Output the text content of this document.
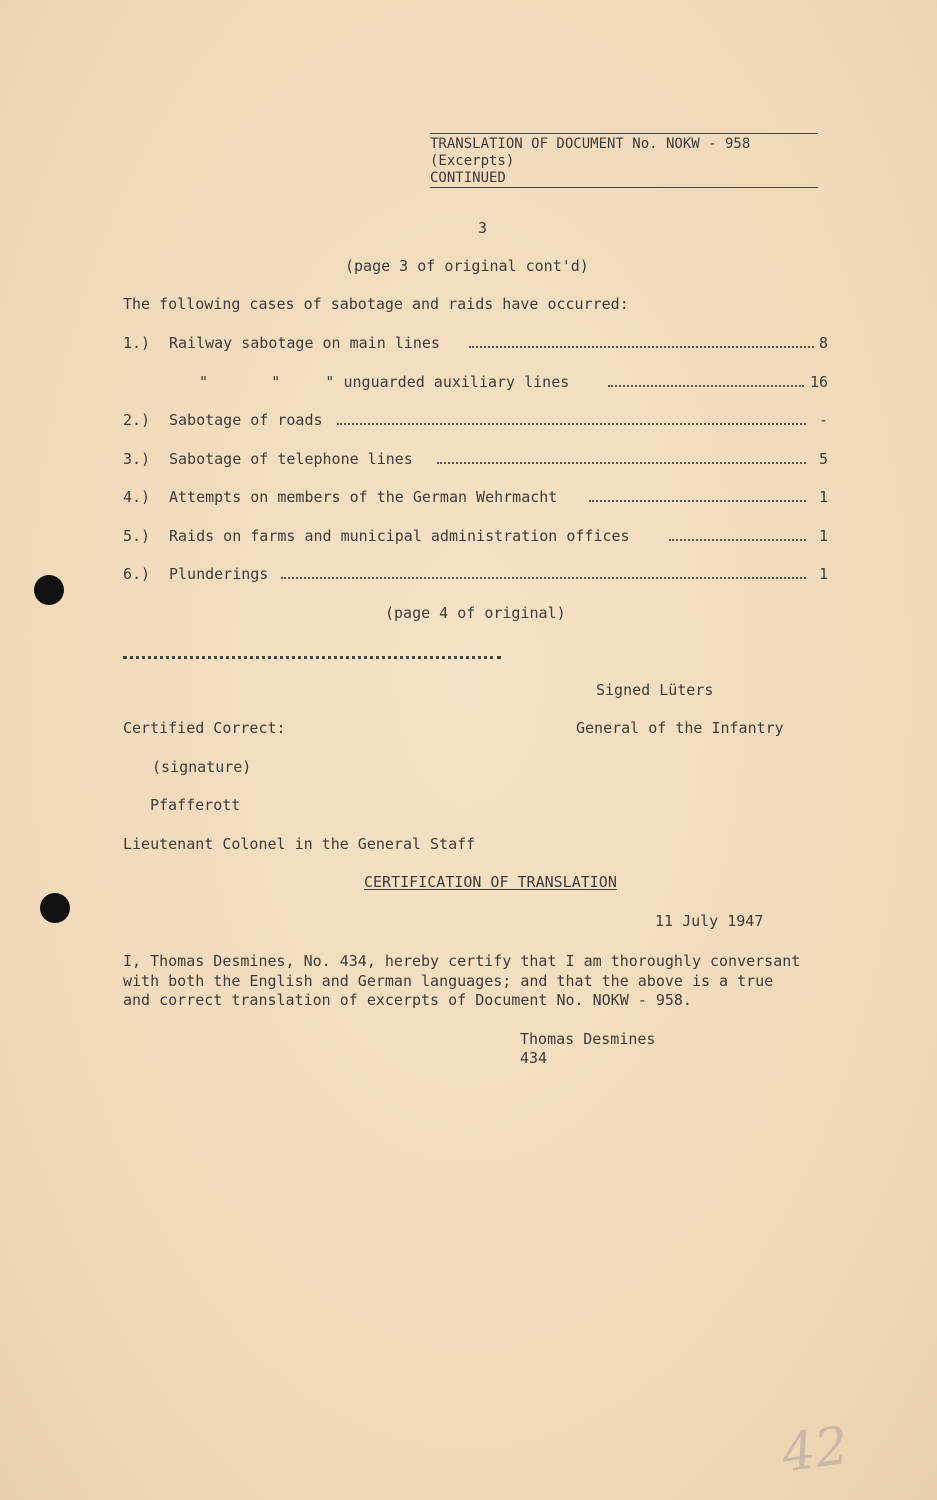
TRANSLATION OF DOCUMENT No. NOKW - 958
(Excerpts)
CONTINUED
3
(page 3 of original cont'd)
The following cases of sabotage and raids have occurred:
1.) Railway sabotage on main lines	8
"       "     " unguarded auxiliary lines	16
2.) Sabotage of roads	-
3.) Sabotage of telephone lines	5
4.) Attempts on members of the German Wehrmacht	1
5.) Raids on farms and municipal administration offices	1
6.) Plunderings	1
(page 4 of original)
Signed Lüters
Certified Correct:	General of the Infantry
(signature)
Pfafferott
Lieutenant Colonel in the General Staff
CERTIFICATION OF TRANSLATION
11 July 1947
I, Thomas Desmines, No. 434, hereby certify that I am thoroughly conversant
with both the English and German languages; and that the above is a true
and correct translation of excerpts of Document No. NOKW - 958.
Thomas Desmines
434
42
